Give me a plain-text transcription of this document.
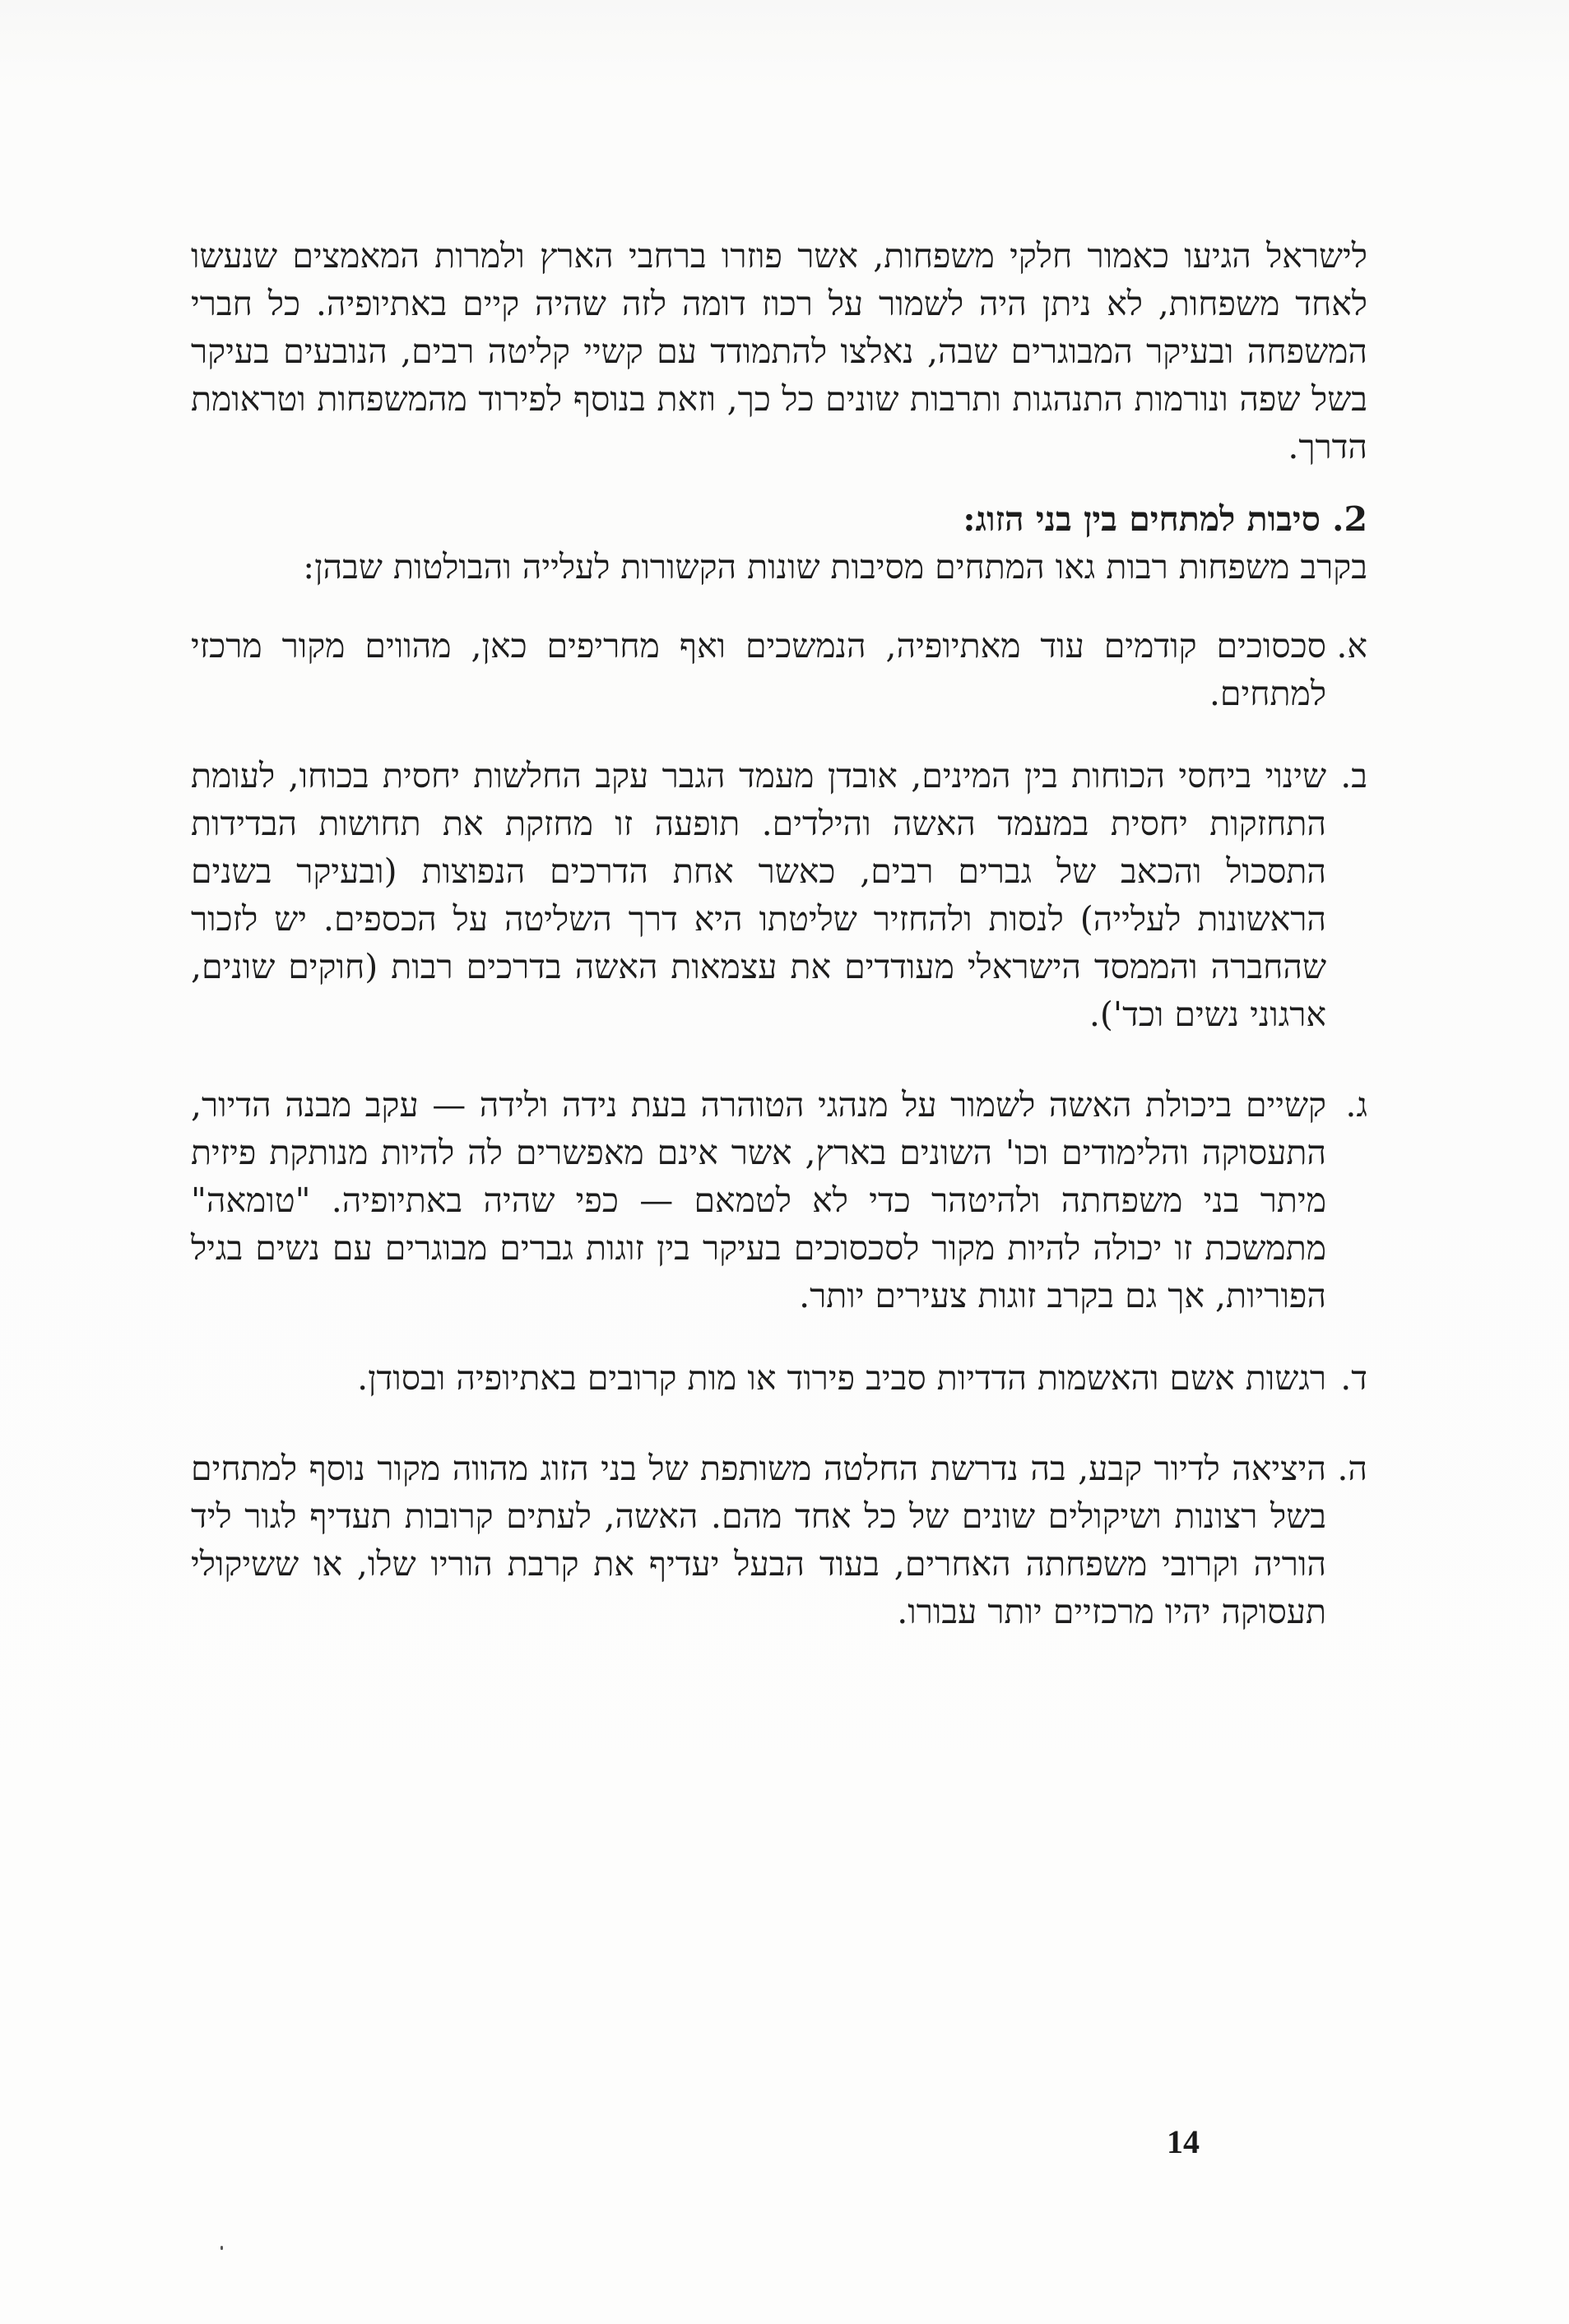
לישראל הגיעו כאמור חלקי משפחות, אשר פוזרו ברחבי הארץ ולמרות המאמצים שנעשו לאחד משפחות, לא ניתן היה לשמור על רכוז דומה לזה שהיה קיים באתיופיה. כל חברי המשפחה ובעיקר המבוגרים שבה, נאלצו להתמודד עם קשיי קליטה רבים, הנובעים בעיקר בשל שפה ונורמות התנהגות ותרבות שונים כל כך, וזאת בנוסף לפירוד מהמשפחות וטראומת הדרך.

2. סיבות למתחים בין בני הזוג:

בקרב משפחות רבות גאו המתחים מסיבות שונות הקשורות לעלייה והבולטות שבהן:

א.
סכסוכים קודמים עוד מאתיופיה, הנמשכים ואף מחריפים כאן, מהווים מקור מרכזי למתחים.
ב.
שינוי ביחסי הכוחות בין המינים, אובדן מעמד הגבר עקב החלשות יחסית בכוחו, לעומת התחזקות יחסית במעמד האשה והילדים. תופעה זו מחזקת את תחושות הבדידות התסכול והכאב של גברים רבים, כאשר אחת הדרכים הנפוצות (ובעיקר בשנים הראשונות לעלייה) לנסות ולהחזיר שליטתו היא דרך השליטה על הכספים. יש לזכור שהחברה והממסד הישראלי מעודדים את עצמאות האשה בדרכים רבות (חוקים שונים, ארגוני נשים וכד').
ג.
קשיים ביכולת האשה לשמור על מנהגי הטוהרה בעת נידה ולידה — עקב מבנה הדיור, התעסוקה והלימודים וכו' השונים בארץ, אשר אינם מאפשרים לה להיות מנותקת פיזית מיתר בני משפחתה ולהיטהר כדי לא לטמאם — כפי שהיה באתיופיה. "טומאה" מתמשכת זו יכולה להיות מקור לסכסוכים בעיקר בין זוגות גברים מבוגרים עם נשים בגיל הפוריות, אך גם בקרב זוגות צעירים יותר.
ד.
רגשות אשם והאשמות הדדיות סביב פירוד או מות קרובים באתיופיה ובסודן.
ה.
היציאה לדיור קבע, בה נדרשת החלטה משותפת של בני הזוג מהווה מקור נוסף למתחים בשל רצונות ושיקולים שונים של כל אחד מהם. האשה, לעתים קרובות תעדיף לגור ליד הוריה וקרובי משפחתה האחרים, בעוד הבעל יעדיף את קרבת הוריו שלו, או ששיקולי תעסוקה יהיו מרכזיים יותר עבורו.
14
